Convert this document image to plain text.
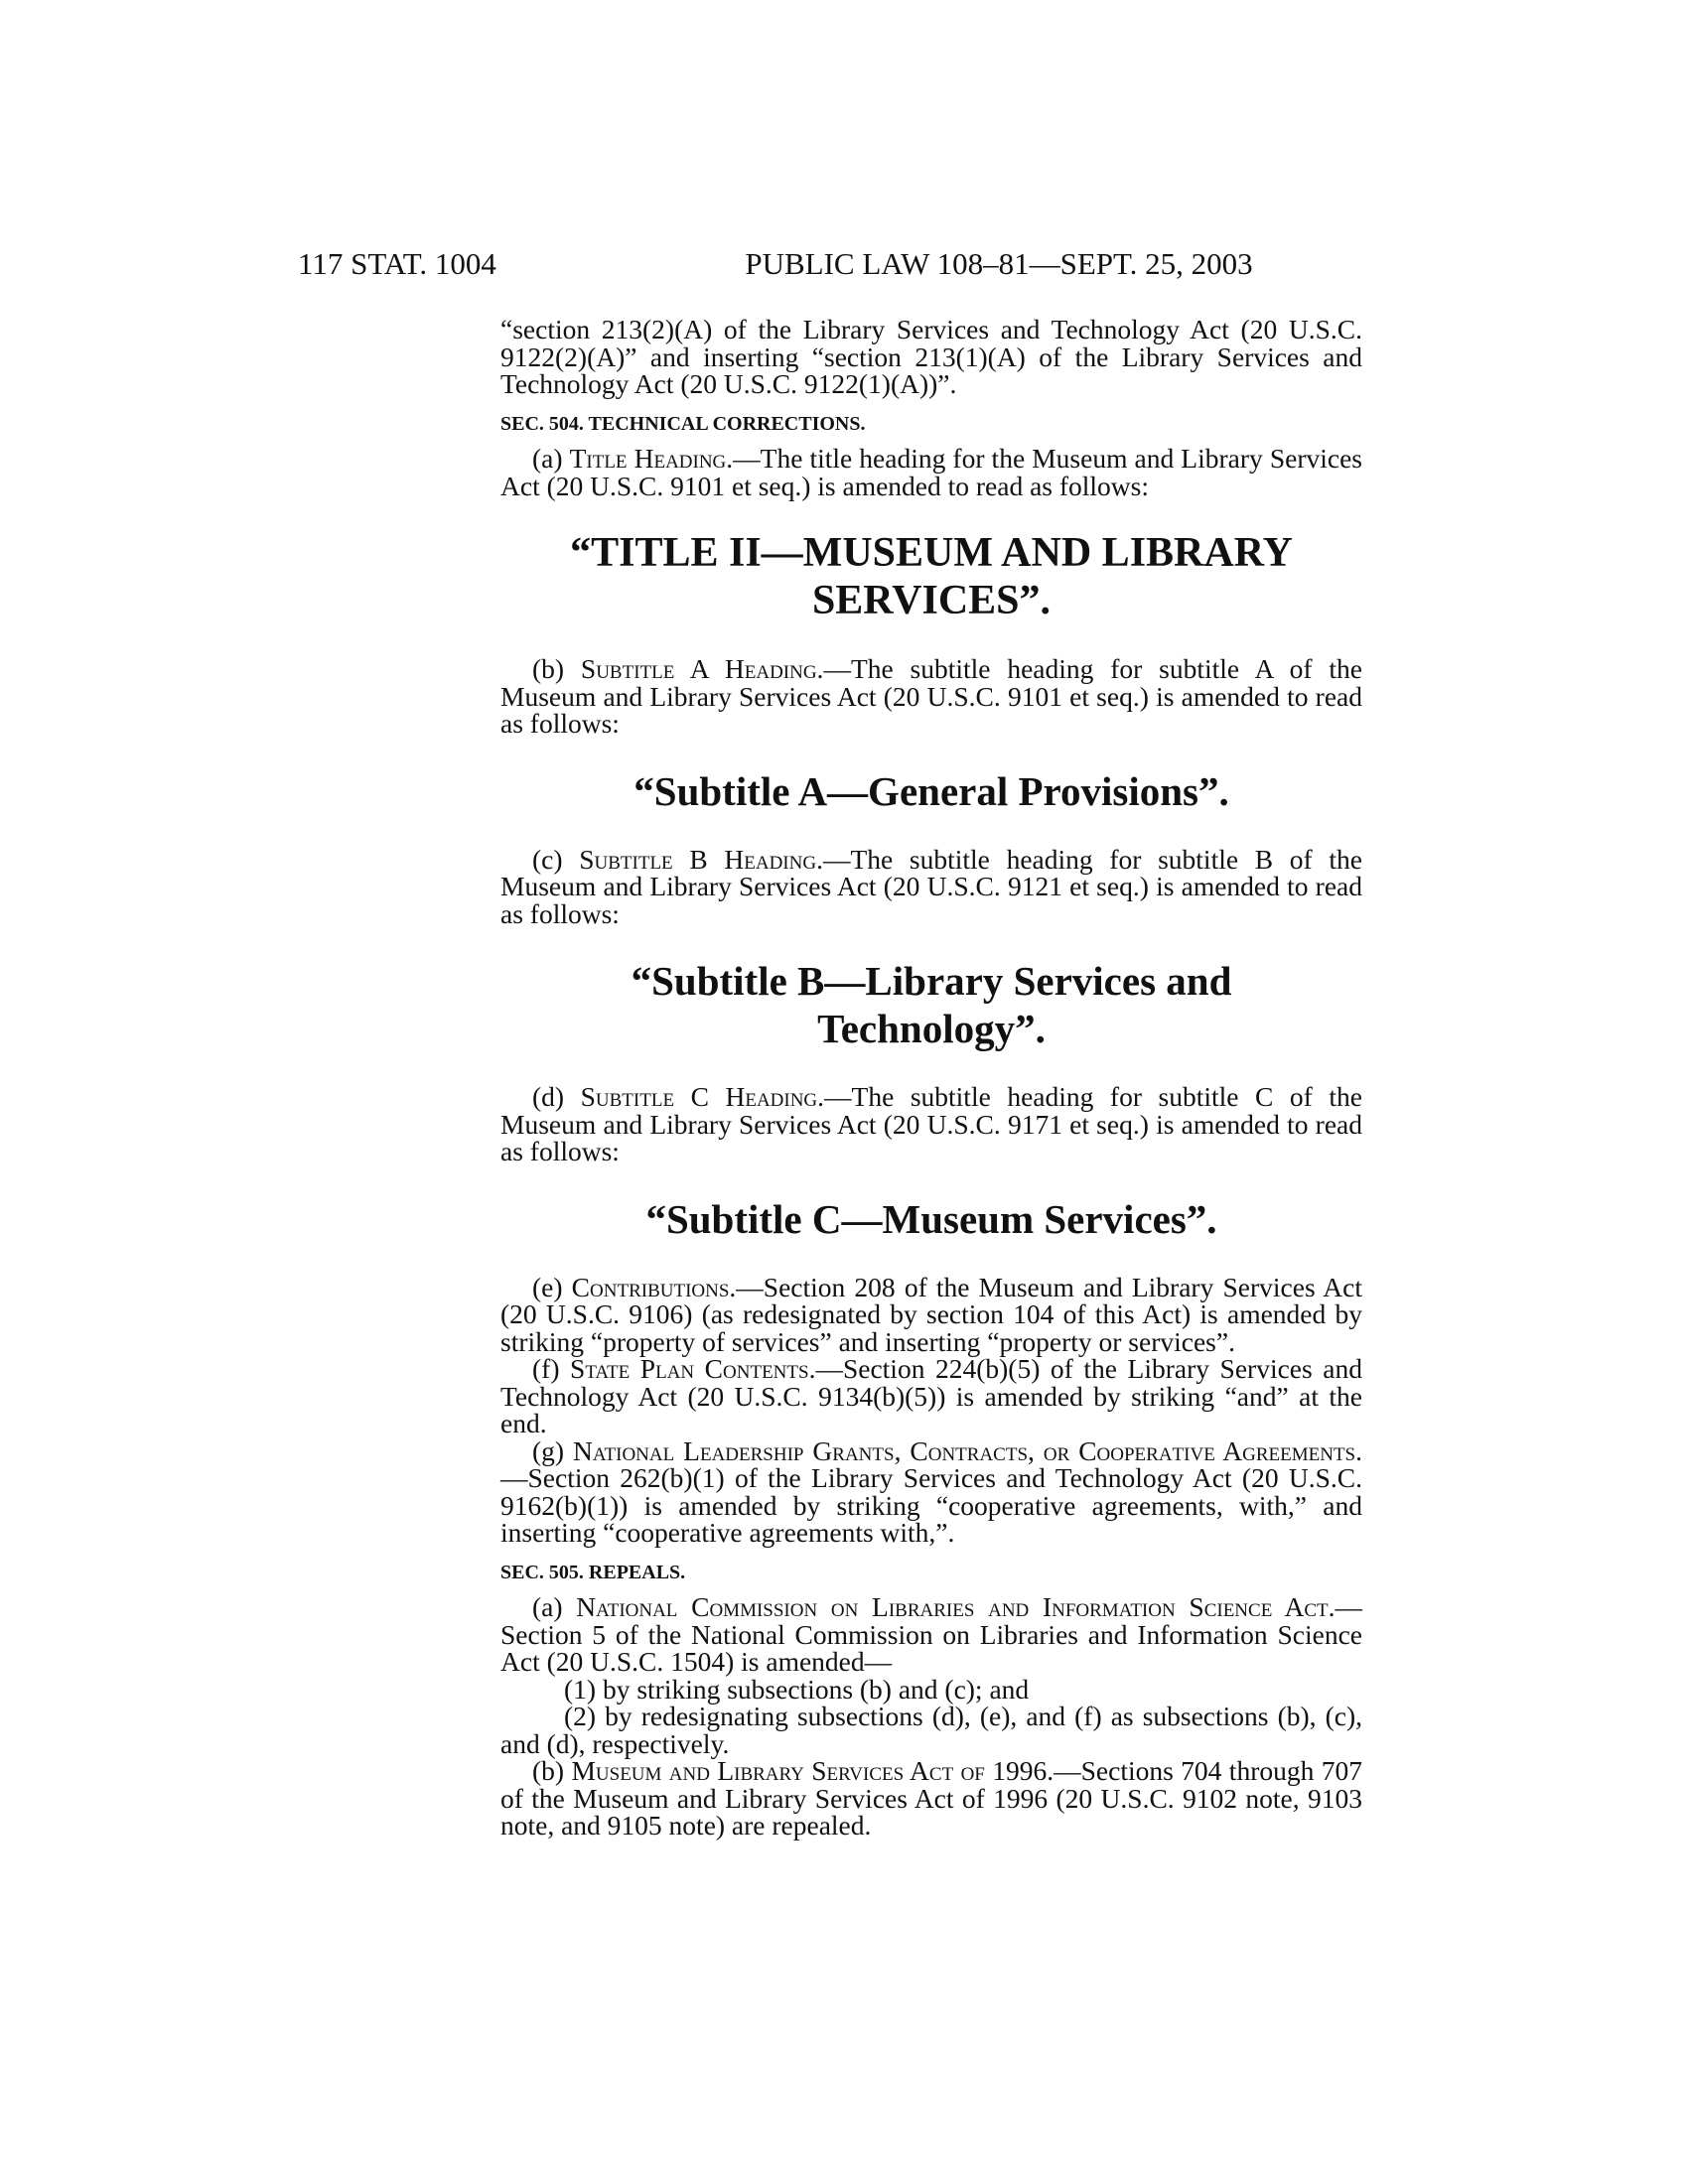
117 STAT. 1004	PUBLIC LAW 108–81—SEPT. 25, 2003

“section 213(2)(A) of the Library Services and Technology Act (20 U.S.C. 9122(2)(A)” and inserting “section 213(1)(A) of the Library Services and Technology Act (20 U.S.C. 9122(1)(A))”.

SEC. 504. TECHNICAL CORRECTIONS.

(a) Title Heading.—The title heading for the Museum and Library Services Act (20 U.S.C. 9101 et seq.) is amended to read as follows:

“TITLE II—MUSEUM AND LIBRARY SERVICES”.

(b) Subtitle A Heading.—The subtitle heading for subtitle A of the Museum and Library Services Act (20 U.S.C. 9101 et seq.) is amended to read as follows:

“Subtitle A—General Provisions”.

(c) Subtitle B Heading.—The subtitle heading for subtitle B of the Museum and Library Services Act (20 U.S.C. 9121 et seq.) is amended to read as follows:

“Subtitle B—Library Services and Technology”.

(d) Subtitle C Heading.—The subtitle heading for subtitle C of the Museum and Library Services Act (20 U.S.C. 9171 et seq.) is amended to read as follows:

“Subtitle C—Museum Services”.

(e) Contributions.—Section 208 of the Museum and Library Services Act (20 U.S.C. 9106) (as redesignated by section 104 of this Act) is amended by striking “property of services” and inserting “property or services”.

(f) State Plan Contents.—Section 224(b)(5) of the Library Services and Technology Act (20 U.S.C. 9134(b)(5)) is amended by striking “and” at the end.

(g) National Leadership Grants, Contracts, or Cooperative Agreements.—Section 262(b)(1) of the Library Services and Technology Act (20 U.S.C. 9162(b)(1)) is amended by striking “cooperative agreements, with,” and inserting “cooperative agreements with,”.

SEC. 505. REPEALS.

(a) National Commission on Libraries and Information Science Act.—Section 5 of the National Commission on Libraries and Information Science Act (20 U.S.C. 1504) is amended—

(1) by striking subsections (b) and (c); and

(2) by redesignating subsections (d), (e), and (f) as subsections (b), (c), and (d), respectively.

(b) Museum and Library Services Act of 1996.—Sections 704 through 707 of the Museum and Library Services Act of 1996 (20 U.S.C. 9102 note, 9103 note, and 9105 note) are repealed.
